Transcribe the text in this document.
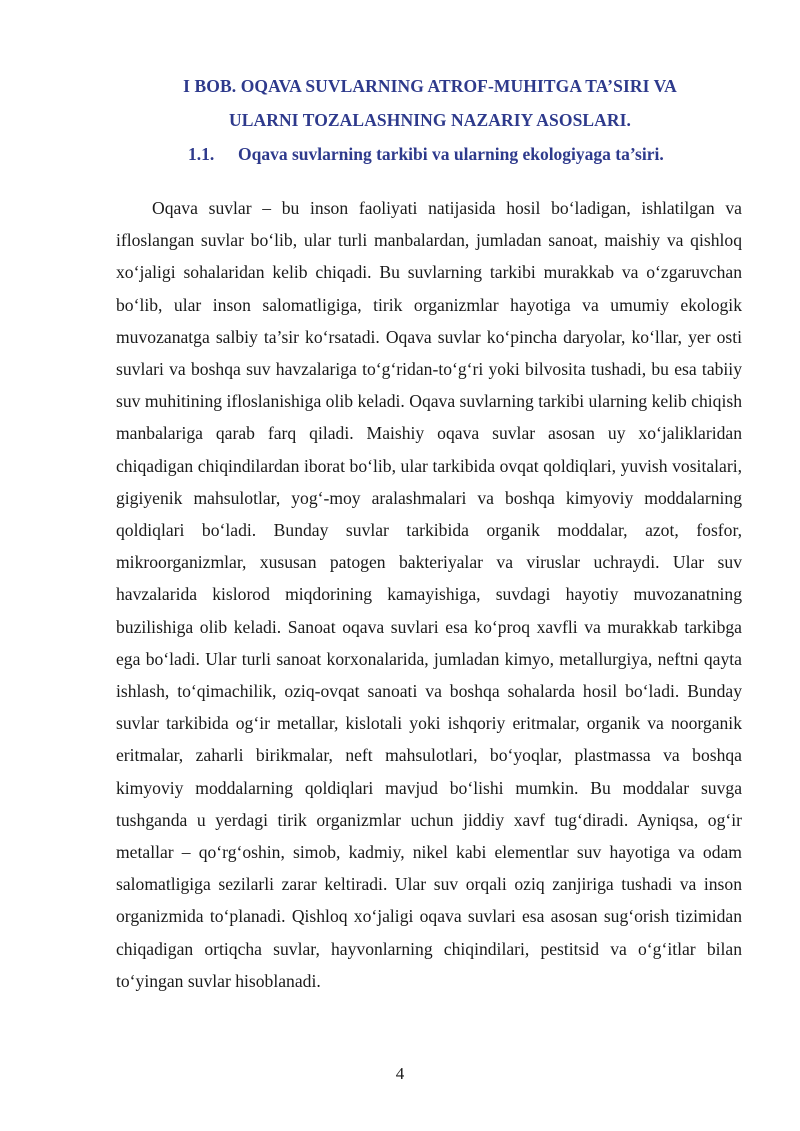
I BOB. OQAVA SUVLARNING ATROF-MUHITGA TA’SIRI VA
ULARNI TOZALASHNING NAZARIY ASOSLARI.
1.1. Oqava suvlarning tarkibi va ularning ekologiyaga ta’siri.

Oqava suvlar – bu inson faoliyati natijasida hosil bo‘ladigan, ishlatilgan va ifloslangan suvlar bo‘lib, ular turli manbalardan, jumladan sanoat, maishiy va qishloq xo‘jaligi sohalaridan kelib chiqadi. Bu suvlarning tarkibi murakkab va o‘zgaruvchan bo‘lib, ular inson salomatligiga, tirik organizmlar hayotiga va umumiy ekologik muvozanatga salbiy ta’sir ko‘rsatadi. Oqava suvlar ko‘pincha daryolar, ko‘llar, yer osti suvlari va boshqa suv havzalariga to‘g‘ridan-to‘g‘ri yoki bilvosita tushadi, bu esa tabiiy suv muhitining ifloslanishiga olib keladi. Oqava suvlarning tarkibi ularning kelib chiqish manbalariga qarab farq qiladi. Maishiy oqava suvlar asosan uy xo‘jaliklaridan chiqadigan chiqindilardan iborat bo‘lib, ular tarkibida ovqat qoldiqlari, yuvish vositalari, gigiyenik mahsulotlar, yog‘-moy aralashmalari va boshqa kimyoviy moddalarning qoldiqlari bo‘ladi. Bunday suvlar tarkibida organik moddalar, azot, fosfor, mikroorganizmlar, xususan patogen bakteriyalar va viruslar uchraydi. Ular suv havzalarida kislorod miqdorining kamayishiga, suvdagi hayotiy muvozanatning buzilishiga olib keladi. Sanoat oqava suvlari esa ko‘proq xavfli va murakkab tarkibga ega bo‘ladi. Ular turli sanoat korxonalarida, jumladan kimyo, metallurgiya, neftni qayta ishlash, to‘qimachilik, oziq-ovqat sanoati va boshqa sohalarda hosil bo‘ladi. Bunday suvlar tarkibida og‘ir metallar, kislotali yoki ishqoriy eritmalar, organik va noorganik eritmalar, zaharli birikmalar, neft mahsulotlari, bo‘yoqlar, plastmassa va boshqa kimyoviy moddalarning qoldiqlari mavjud bo‘lishi mumkin. Bu moddalar suvga tushganda u yerdagi tirik organizmlar uchun jiddiy xavf tug‘diradi. Ayniqsa, og‘ir metallar – qo‘rg‘oshin, simob, kadmiy, nikel kabi elementlar suv hayotiga va odam salomatligiga sezilarli zarar keltiradi. Ular suv orqali oziq zanjiriga tushadi va inson organizmida to‘planadi. Qishloq xo‘jaligi oqava suvlari esa asosan sug‘orish tizimidan chiqadigan ortiqcha suvlar, hayvonlarning chiqindilari, pestitsid va o‘g‘itlar bilan to‘yingan suvlar hisoblanadi.

4
